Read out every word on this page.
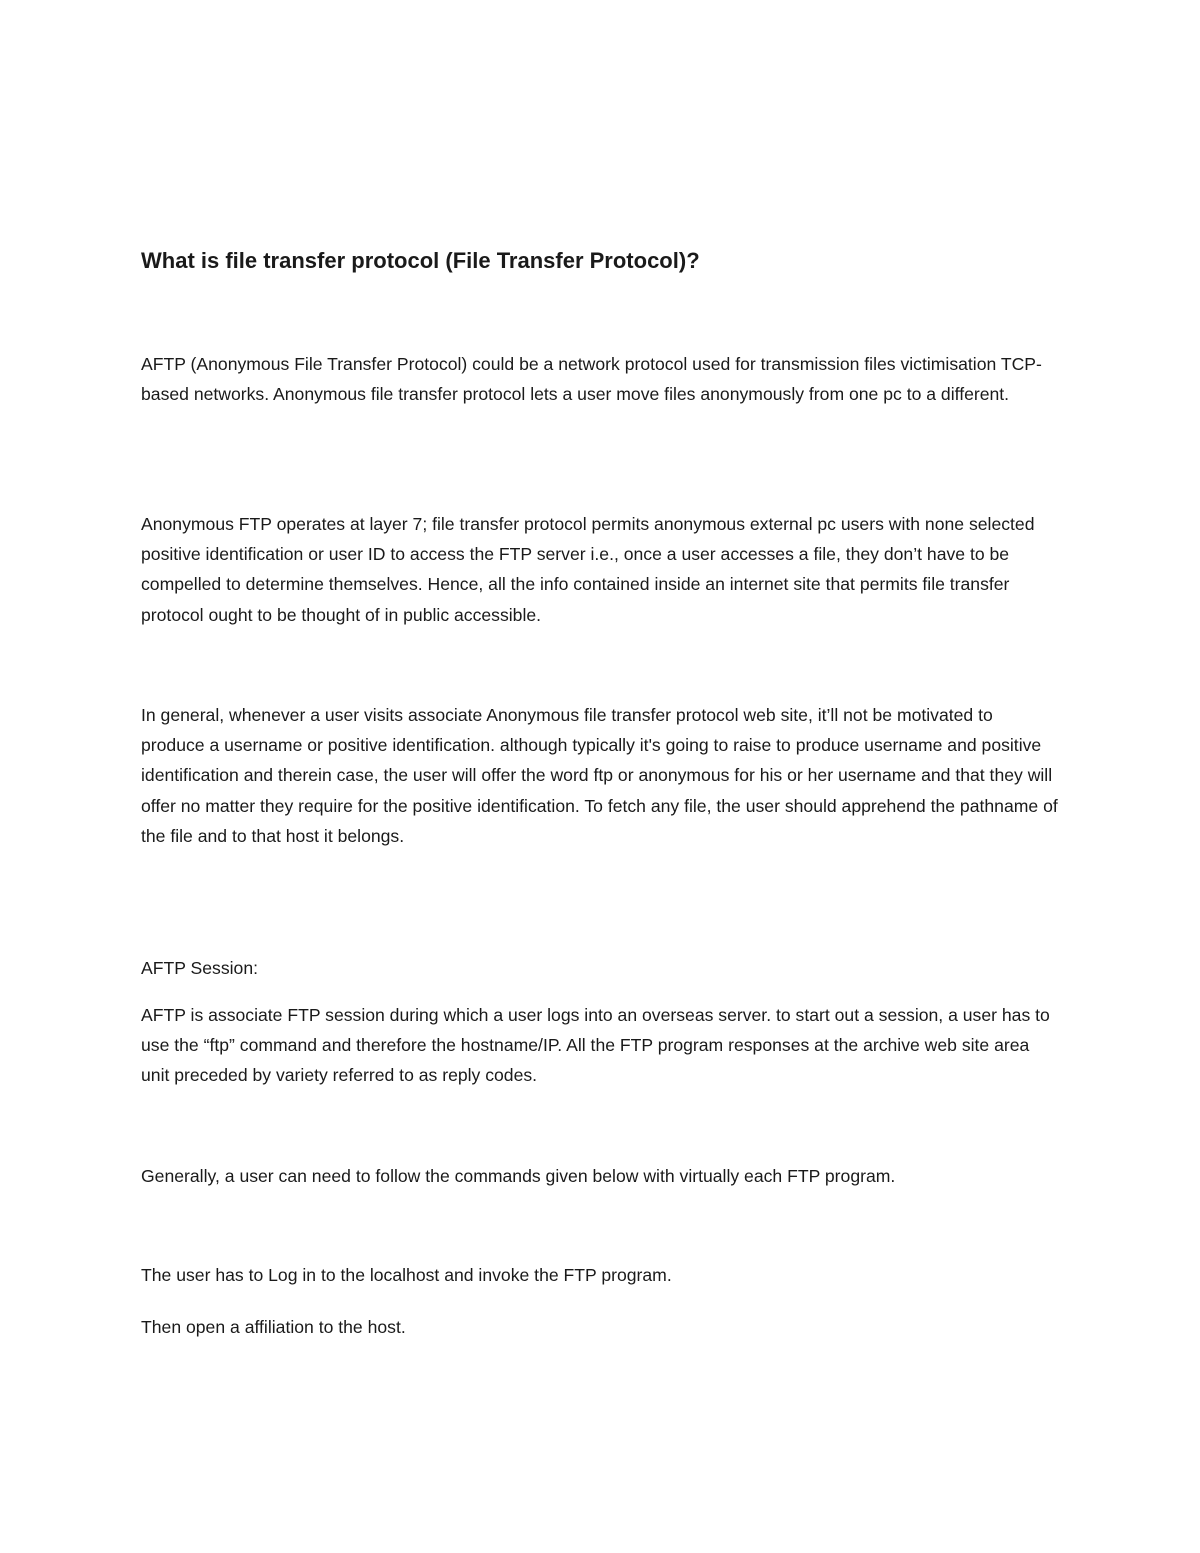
What is file transfer protocol (File Transfer Protocol)?

AFTP (Anonymous File Transfer Protocol) could be a network protocol used for transmission files victimisation TCP-based networks. Anonymous file transfer protocol lets a user move files anonymously from one pc to a different.

Anonymous FTP operates at layer 7; file transfer protocol permits anonymous external pc users with none selected positive identification or user ID to access the FTP server i.e., once a user accesses a file, they don’t have to be compelled to determine themselves. Hence, all the info contained inside an internet site that permits file transfer protocol ought to be thought of in public accessible.

In general, whenever a user visits associate Anonymous file transfer protocol web site, it’ll not be motivated to produce a username or positive identification. although typically it's going to raise to produce username and positive identification and therein case, the user will offer the word ftp or anonymous for his or her username and that they will offer no matter they require for the positive identification. To fetch any file, the user should apprehend the pathname of the file and to that host it belongs.

AFTP Session:

AFTP is associate FTP session during which a user logs into an overseas server. to start out a session, a user has to use the “ftp” command and therefore the hostname/IP. All the FTP program responses at the archive web site area unit preceded by variety referred to as reply codes.

Generally, a user can need to follow the commands given below with virtually each FTP program.

The user has to Log in to the localhost and invoke the FTP program.

Then open a affiliation to the host.
